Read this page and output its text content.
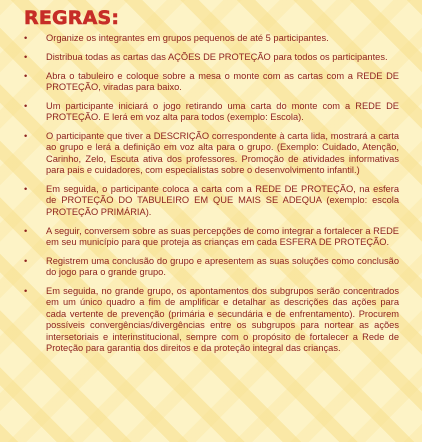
REGRAS:
• Organize os integrantes em grupos pequenos de até 5 participantes.
• Distribua todas as cartas das AÇÕES DE PROTEÇÃO para todos os participantes.
• Abra o tabuleiro e coloque sobre a mesa o monte com as cartas com a REDE DE PROTEÇÃO, viradas para baixo.
• Um participante iniciará o jogo retirando uma carta do monte com a REDE DE PROTEÇÃO. E lerá em voz alta para todos (exemplo: Escola).
• O participante que tiver a DESCRIÇÃO correspondente à carta lida, mostrará a carta ao grupo e lerá a definição em voz alta para o grupo. (Exemplo: Cuidado, Atenção, Carinho, Zelo, Escuta ativa dos professores. Promoção de atividades informativas para pais e cuidadores, com especialistas sobre o desenvolvimento infantil.)
• Em seguida, o participante coloca a carta com a REDE DE PROTEÇÃO, na esfera de PROTEÇÃO DO TABULEIRO EM QUE MAIS SE ADEQUA (exemplo: escola PROTEÇÃO PRIMÁRIA).
• A seguir, conversem sobre as suas percepções de como integrar a fortalecer a REDE em seu município para que proteja as crianças em cada ESFERA DE PROTEÇÃO.
• Registrem uma conclusão do grupo e apresentem as suas soluções como conclusão do jogo para o grande grupo.
• Em seguida, no grande grupo, os apontamentos dos subgrupos serão concentrados em um único quadro a fim de amplificar e detalhar as descrições das ações para cada vertente de prevenção (primária e secundária e de enfrentamento). Procurem possíveis convergências/divergências entre os subgrupos para nortear as ações intersetoriais e interinstitucional, sempre com o propósito de fortalecer a Rede de Proteção para garantia dos direitos e da proteção integral das crianças.
